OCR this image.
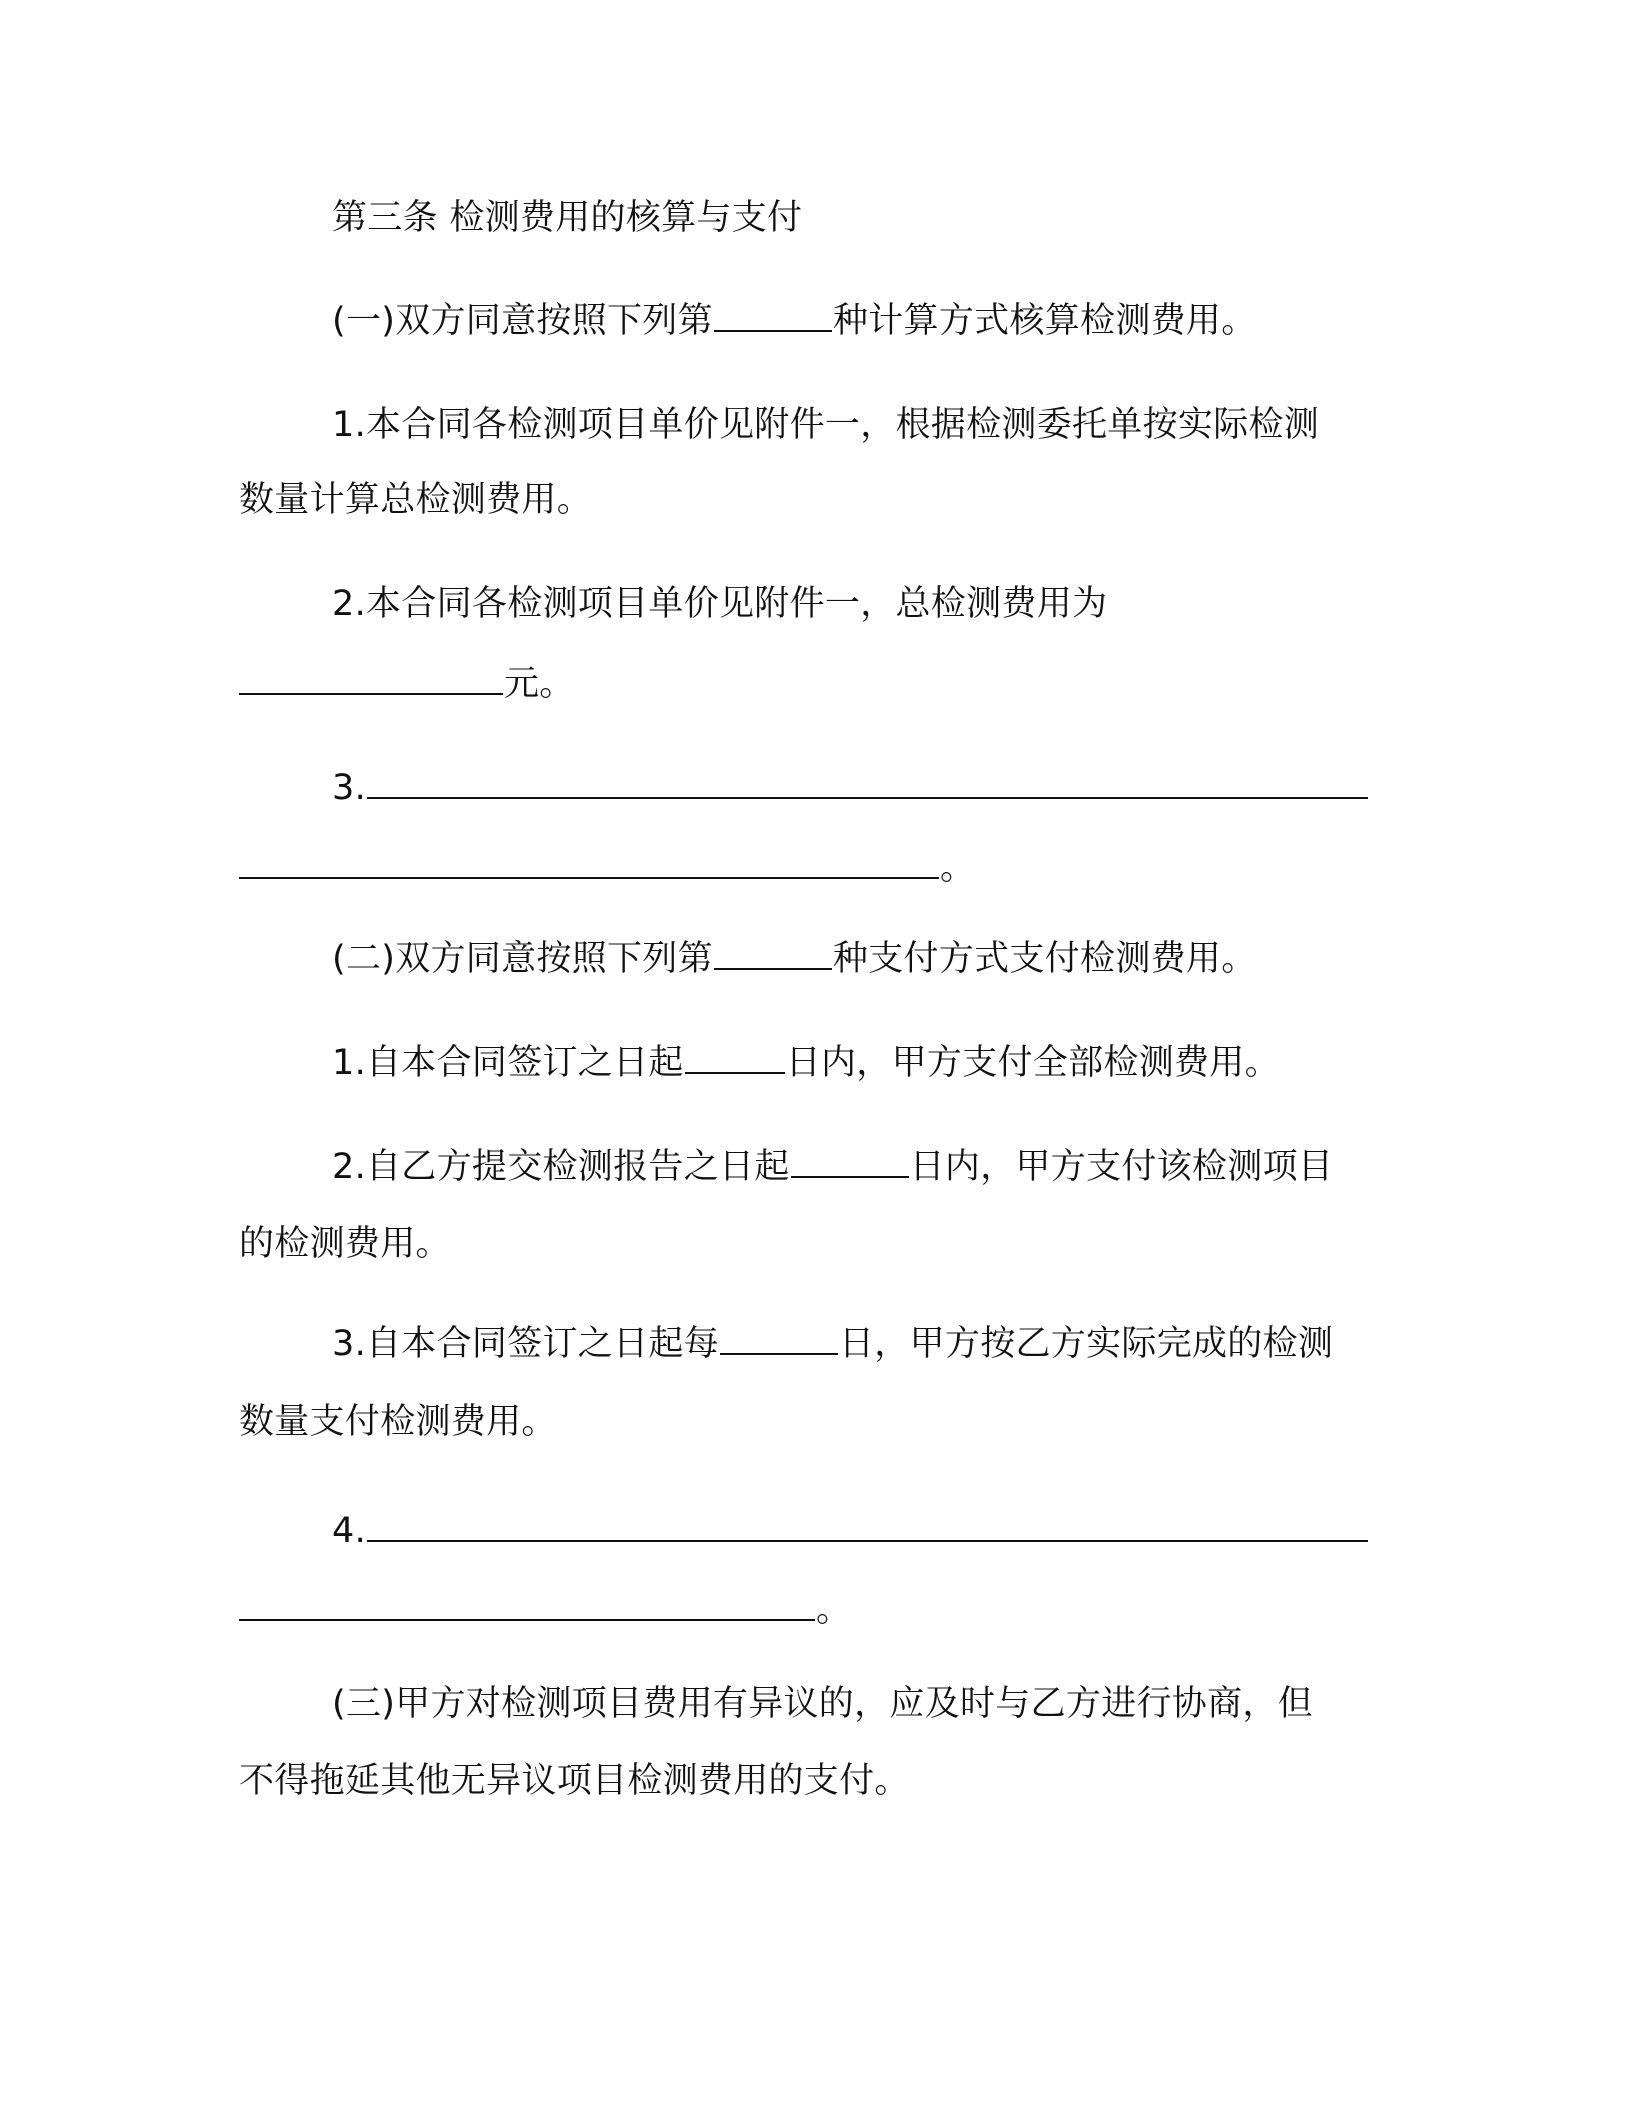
第三条 检测费用的核算与支付
(一)双方同意按照下列第	种计算方式核算检测费用。
1.本合同各检测项目单价见附件一，根据检测委托单按实际检测
数量计算总检测费用。
2.本合同各检测项目单价见附件一，总检测费用为
元。
3.
。
(二)双方同意按照下列第	种支付方式支付检测费用。
1.自本合同签订之日起	日内，甲方支付全部检测费用。
2.自乙方提交检测报告之日起	日内，甲方支付该检测项目
的检测费用。
3.自本合同签订之日起每	日，甲方按乙方实际完成的检测
数量支付检测费用。
4.
。
(三)甲方对检测项目费用有异议的，应及时与乙方进行协商，但
不得拖延其他无异议项目检测费用的支付。
